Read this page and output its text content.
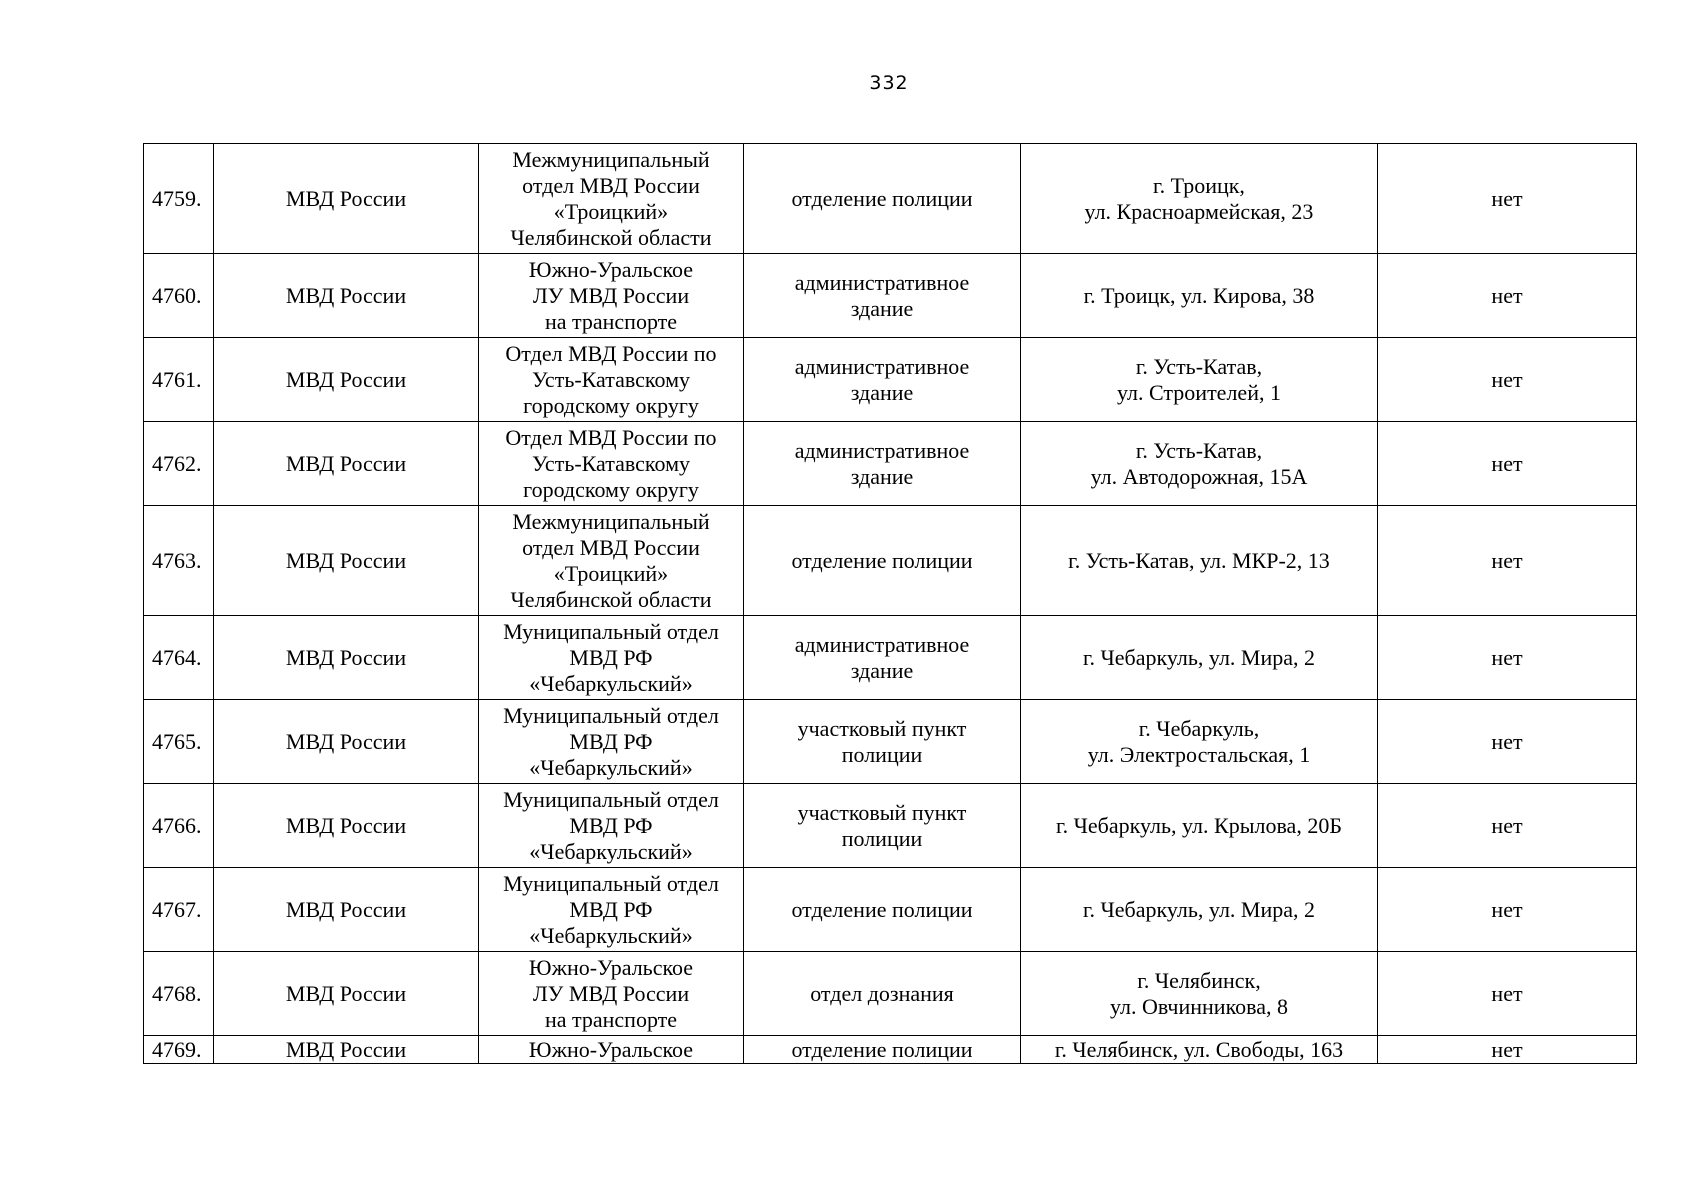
332
4759.	МВД России	Межмуниципальный
отдел МВД России
«Троицкий»
Челябинской области	отделение полиции	г. Троицк,
ул. Красноармейская, 23	нет
4760.	МВД России	Южно-Уральское
ЛУ МВД России
на транспорте	административное
здание	г. Троицк, ул. Кирова, 38	нет
4761.	МВД России	Отдел МВД России по
Усть-Катавскому
городскому округу	административное
здание	г. Усть-Катав,
ул. Строителей, 1	нет
4762.	МВД России	Отдел МВД России по
Усть-Катавскому
городскому округу	административное
здание	г. Усть-Катав,
ул. Автодорожная, 15А	нет
4763.	МВД России	Межмуниципальный
отдел МВД России
«Троицкий»
Челябинской области	отделение полиции	г. Усть-Катав, ул. МКР-2, 13	нет
4764.	МВД России	Муниципальный отдел
МВД РФ
«Чебаркульский»	административное
здание	г. Чебаркуль, ул. Мира, 2	нет
4765.	МВД России	Муниципальный отдел
МВД РФ
«Чебаркульский»	участковый пункт
полиции	г. Чебаркуль,
ул. Электростальская, 1	нет
4766.	МВД России	Муниципальный отдел
МВД РФ
«Чебаркульский»	участковый пункт
полиции	г. Чебаркуль, ул. Крылова, 20Б	нет
4767.	МВД России	Муниципальный отдел
МВД РФ
«Чебаркульский»	отделение полиции	г. Чебаркуль, ул. Мира, 2	нет
4768.	МВД России	Южно-Уральское
ЛУ МВД России
на транспорте	отдел дознания	г. Челябинск,
ул. Овчинникова, 8	нет
4769.	МВД России	Южно-Уральское	отделение полиции	г. Челябинск, ул. Свободы, 163	нет
